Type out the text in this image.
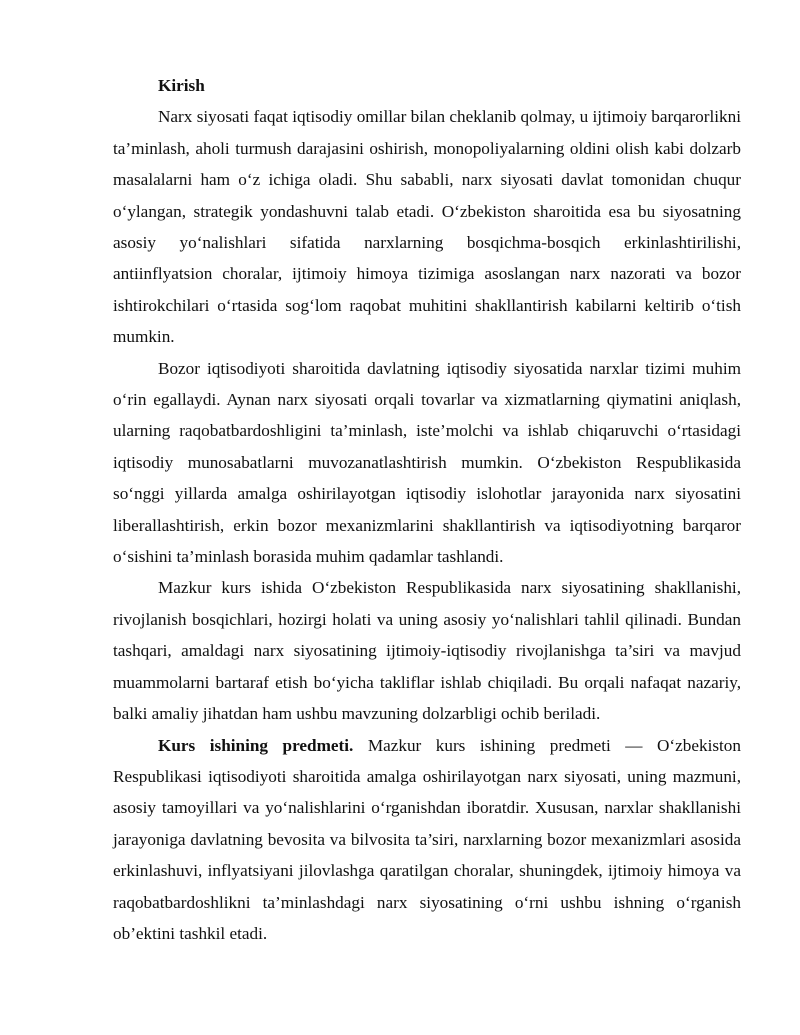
Kirish

Narx siyosati faqat iqtisodiy omillar bilan cheklanib qolmay, u ijtimoiy barqarorlikni ta’minlash, aholi turmush darajasini oshirish, monopoliyalarning oldini olish kabi dolzarb masalalarni ham o‘z ichiga oladi. Shu sababli, narx siyosati davlat tomonidan chuqur o‘ylangan, strategik yondashuvni talab etadi. O‘zbekiston sharoitida esa bu siyosatning asosiy yo‘nalishlari sifatida narxlarning bosqichma-bosqich erkinlashtirilishi, antiinflyatsion choralar, ijtimoiy himoya tizimiga asoslangan narx nazorati va bozor ishtirokchilari o‘rtasida sog‘lom raqobat muhitini shakllantirish kabilarni keltirib o‘tish mumkin.

Bozor iqtisodiyoti sharoitida davlatning iqtisodiy siyosatida narxlar tizimi muhim o‘rin egallaydi. Aynan narx siyosati orqali tovarlar va xizmatlarning qiymatini aniqlash, ularning raqobatbardoshligini ta’minlash, iste’molchi va ishlab chiqaruvchi o‘rtasidagi iqtisodiy munosabatlarni muvozanatlashtirish mumkin. O‘zbekiston Respublikasida so‘nggi yillarda amalga oshirilayotgan iqtisodiy islohotlar jarayonida narx siyosatini liberallashtirish, erkin bozor mexanizmlarini shakllantirish va iqtisodiyotning barqaror o‘sishini ta’minlash borasida muhim qadamlar tashlandi.

Mazkur kurs ishida O‘zbekiston Respublikasida narx siyosatining shakllanishi, rivojlanish bosqichlari, hozirgi holati va uning asosiy yo‘nalishlari tahlil qilinadi. Bundan tashqari, amaldagi narx siyosatining ijtimoiy-iqtisodiy rivojlanishga ta’siri va mavjud muammolarni bartaraf etish bo‘yicha takliflar ishlab chiqiladi. Bu orqali nafaqat nazariy, balki amaliy jihatdan ham ushbu mavzuning dolzarbligi ochib beriladi.

Kurs ishining predmeti. Mazkur kurs ishining predmeti — O‘zbekiston Respublikasi iqtisodiyoti sharoitida amalga oshirilayotgan narx siyosati, uning mazmuni, asosiy tamoyillari va yo‘nalishlarini o‘rganishdan iboratdir. Xususan, narxlar shakllanishi jarayoniga davlatning bevosita va bilvosita ta’siri, narxlarning bozor mexanizmlari asosida erkinlashuvi, inflyatsiyani jilovlashga qaratilgan choralar, shuningdek, ijtimoiy himoya va raqobatbardoshlikni ta’minlashdagi narx siyosatining o‘rni ushbu ishning o‘rganish ob’ektini tashkil etadi.
